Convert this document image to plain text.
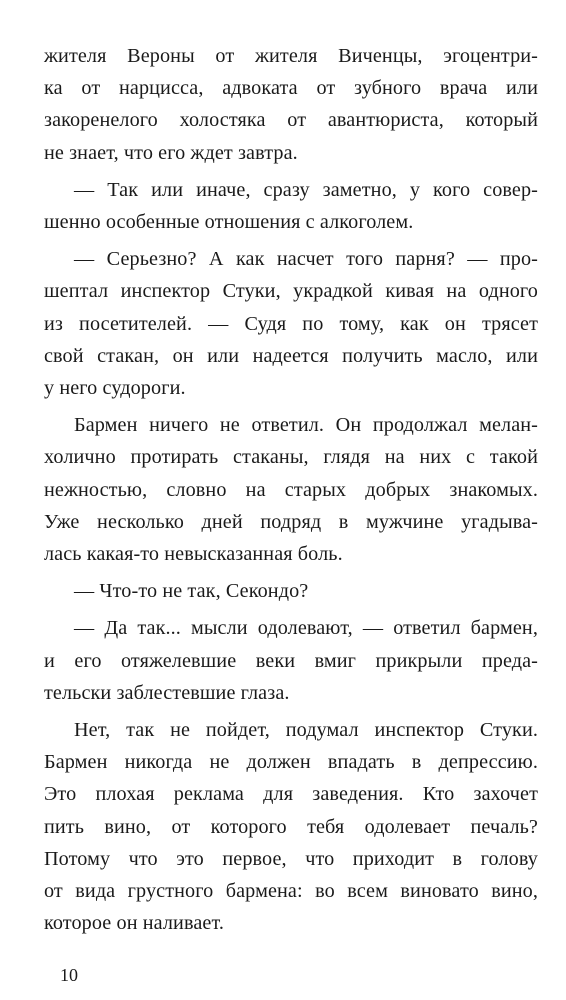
жителя Вероны от жителя Виченцы, эгоцентри-
ка от нарцисса, адвоката от зубного врача или
закоренелого холостяка от авантюриста, который
не знает, что его ждет завтра.
— Так или иначе, сразу заметно, у кого совер-
шенно особенные отношения с алкоголем.
— Серьезно? А как насчет того парня? — про-
шептал инспектор Стуки, украдкой кивая на одного
из посетителей. — Судя по тому, как он трясет
свой стакан, он или надеется получить масло, или
у него судороги.
Бармен ничего не ответил. Он продолжал мелан-
холично протирать стаканы, глядя на них с такой
нежностью, словно на старых добрых знакомых.
Уже несколько дней подряд в мужчине угадыва-
лась какая-то невысказанная боль.
— Что-то не так, Секондо?
— Да так... мысли одолевают, — ответил бармен,
и его отяжелевшие веки вмиг прикрыли преда-
тельски заблестевшие глаза.
Нет, так не пойдет, подумал инспектор Стуки.
Бармен никогда не должен впадать в депрессию.
Это плохая реклама для заведения. Кто захочет
пить вино, от которого тебя одолевает печаль?
Потому что это первое, что приходит в голову
от вида грустного бармена: во всем виновато вино,
которое он наливает.
10
